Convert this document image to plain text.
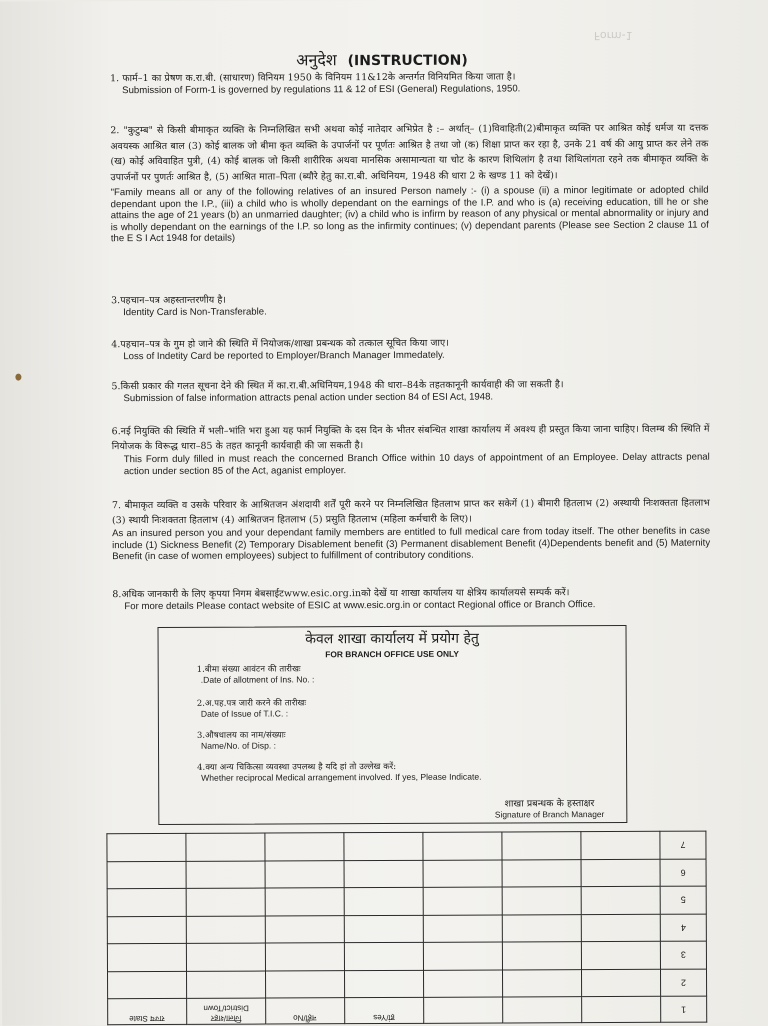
Form-1
अनुदेश (INSTRUCTION)

1. फार्म–1 का प्रेषण क.रा.बी. (साधारण) विनियम 1950 के विनियम 11&12के अन्तर्गत विनियमित किया जाता है।

Submission of Form-1 is governed by regulations 11 & 12 of ESI (General) Regulations, 1950.

2. "कुटुम्ब" से किसी बीमाकृत व्यक्ति के निम्नलिखित सभी अथवा कोई नातेदार अभिप्रेत है :– अर्थात्– (1)विवाहिती(2)बीमाकृत व्यक्ति पर आश्रित कोई धर्मज या दत्तक अवयस्क आश्रित बाल (3) कोई बालक जो बीमा कृत व्यक्ति के उपार्जनों पर पूर्णतः आश्रित है तथा जो (क) शिक्षा प्राप्त कर रहा है, उनके 21 वर्ष की आयु प्राप्त कर लेने तक (ख) कोई अविवाहित पुत्री, (4) कोई बालक जो किसी शारीरिक अथवा मानसिक असामान्यता या चोट के कारण शिथिलांग है तथा शिथिलांगता रहने तक बीमाकृत व्यक्ति के उपार्जनों पर पुणर्तः आश्रित है, (5) आश्रित माता–पिता (ब्यौरे हेतु का.रा.बी. अधिनियम, 1948 की धारा 2 के खण्ड 11 को देखें)।

"Family means all or any of the following relatives of an insured Person namely :- (i) a spouse (ii) a minor legitimate or adopted child dependant upon the I.P., (iii) a child who is wholly dependant on the earnings of the I.P. and who is (a) receiving education, till he or she attains the age of 21 years (b) an unmarried daughter; (iv) a child who is infirm by reason of any physical or mental abnormality or injury and is wholly dependant on the earnings of the I.P. so long as the infirmity continues; (v) dependant parents (Please see Section 2 clause 11 of the E S I Act 1948 for details)

3.पहचान–पत्र अहस्तान्तरणीय है।

Identity Card is Non-Transferable.

4.पहचान–पत्र के गुम हो जाने की स्थिति में नियोजक/शाखा प्रबन्धक को तत्काल सूचित किया जाए।

Loss of Indetity Card be reported to Employer/Branch Manager Immedately.

5.किसी प्रकार की गलत सूचना देने की स्थित में का.रा.बी.अधिनियम,1948 की धारा–84के तहतकानूनी कार्यवाही की जा सकती है।

Submission of false information attracts penal action under section 84 of ESI Act, 1948.

6.नई नियुक्ति की स्थिति में भली–भांति भरा हुआ यह फार्म नियुक्ति के दस दिन के भीतर संबन्धित शाखा कार्यालय में अवश्य ही प्रस्तुत किया जाना चाहिए। विलम्ब की स्थिति में नियोजक के विरूद्ध धारा–85 के तहत कानूनी कार्यवाही की जा सकती है।

This Form duly filled in must reach the concerned Branch Office within 10 days of appointment of an Employee. Delay attracts penal action under section 85 of the Act, aganist employer.

7. बीमाकृत व्यक्ति व उसके परिवार के आश्रितजन अंशदायी शर्तें पूरी करने पर निम्नलिखित हितलाभ प्राप्त कर सकेगें (1) बीमारी हितलाभ (2) अस्थायी निःशक्तता हितलाभ (3) स्थायी निःशक्तता हितलाभ (4) आश्रितजन हितलाभ (5) प्रसुति हितलाभ (महिला कर्मचारी के लिए)।

As an insured person you and your dependant family members are entitled to full medical care from today itself. The other benefits in case include (1) Sickness Benefit (2) Temporary Disablement benefit (3) Permanent disablement Benefit (4)Dependents benefit and (5) Maternity Benefit (in case of women employees) subject to fulfillment of contributory conditions.

8.अधिक जानकारी के लिए कृपया निगम बेबसाईटwww.esic.org.inको देखें या शाखा कार्यालय या क्षेत्रिय कार्यालयसे सम्पर्क करें।

For more details Please contact website of ESIC at www.esic.org.in or contact Regional office or Branch Office.

केवल शाखा कार्यालय में प्रयोग हेतु
FOR BRANCH OFFICE USE ONLY
1.बीमा संख्या आवंटन की तारीखः
.Date of allotment of Ins. No. :
2.अ.पह.पत्र जारी करने की तारीखः
Date of Issue of T.I.C. :
3.औषधालय का नाम/संख्याः
Name/No. of Disp. :
4.क्या अन्य चिकित्सा व्यवस्था उपलब्ध है यदि हां तो उल्लेख करें:
Whether reciprocal Medical arrangement involved. If yes, Please Indicate.
शाखा प्रबन्धक के हस्ताक्षर
Signature of Branch Manager
							7
							6
							5
							4
							3
							2
राज्य State	जिला/शहर District/Town	नहीं/No	हां/Yes				1
